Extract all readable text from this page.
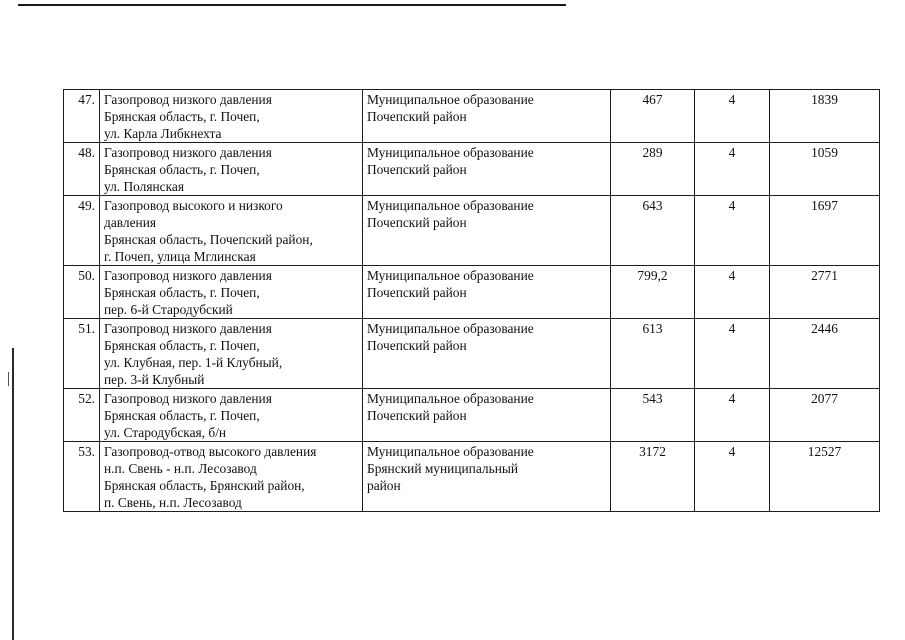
47.	Газопровод низкого давления
Брянская область, г. Почеп,
ул. Карла Либкнехта	Муниципальное образование
Почепский район	467	4	1839

48.	Газопровод низкого давления
Брянская область, г. Почеп,
ул. Полянская	Муниципальное образование
Почепский район	289	4	1059

49.	Газопровод высокого и низкого
давления
Брянская область, Почепский район,
г. Почеп, улица Мглинская	Муниципальное образование
Почепский район	643	4	1697

50.	Газопровод низкого давления
Брянская область, г. Почеп,
пер. 6-й Стародубский	Муниципальное образование
Почепский район	799,2	4	2771

51.	Газопровод низкого давления
Брянская область, г. Почеп,
ул. Клубная, пер. 1-й Клубный,
пер. 3-й Клубный	Муниципальное образование
Почепский район	613	4	2446

52.	Газопровод низкого давления
Брянская область, г. Почеп,
ул. Стародубская, б/н	Муниципальное образование
Почепский район	543	4	2077

53.	Газопровод-отвод высокого давления
н.п. Свень - н.п. Лесозавод
Брянская область, Брянский район,
п. Свень, н.п. Лесозавод	Муниципальное образование
Брянский муниципальный
район	3172	4	12527
